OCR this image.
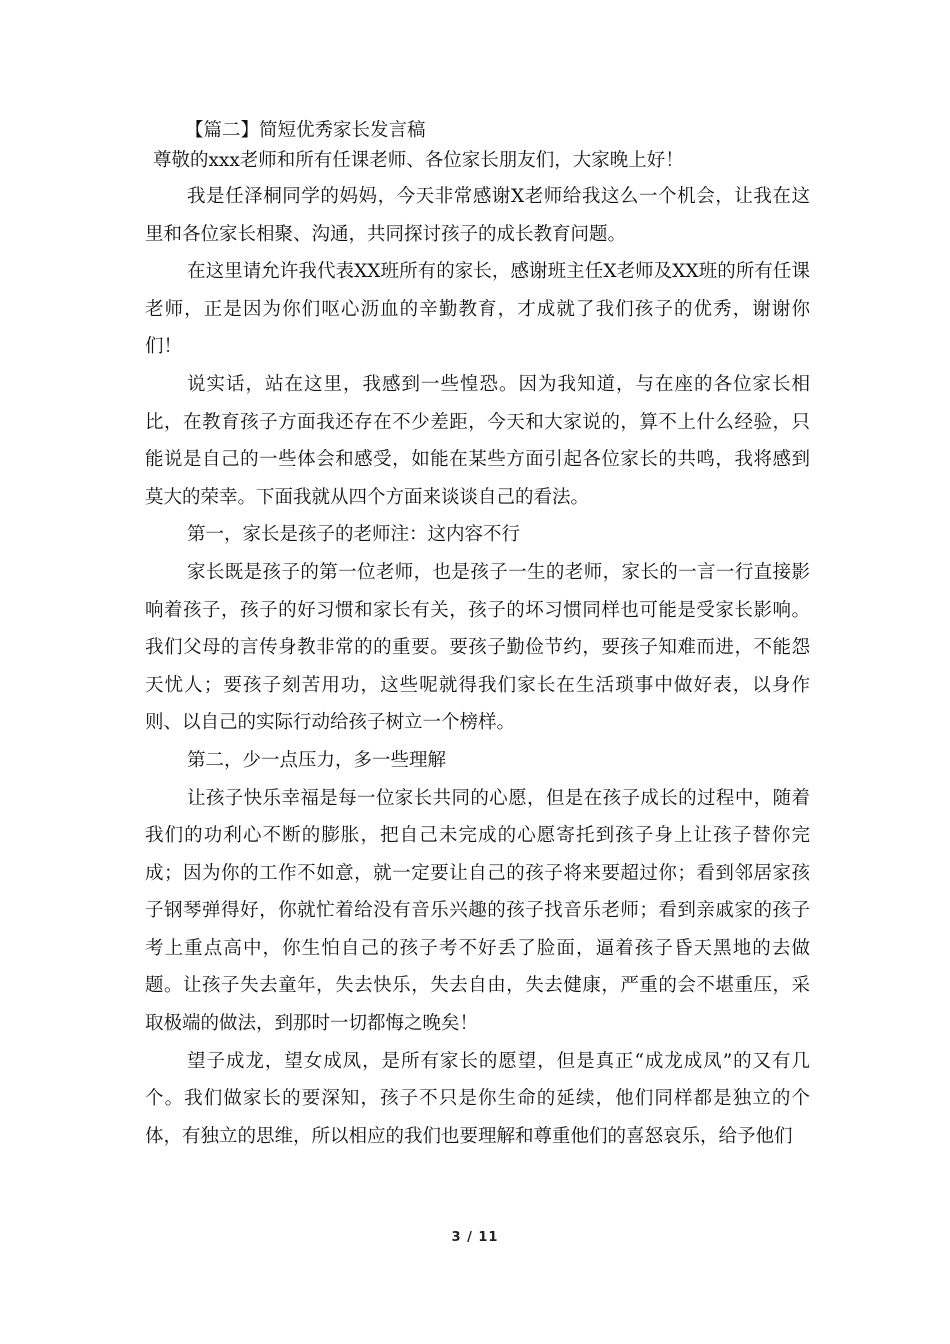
【篇二】简短优秀家长发言稿

尊敬的xxx老师和所有任课老师、各位家长朋友们，大家晚上好！

我是任泽桐同学的妈妈，今天非常感谢X老师给我这么一个机会，让我在这里和各位家长相聚、沟通，共同探讨孩子的成长教育问题。

在这里请允许我代表XX班所有的家长，感谢班主任X老师及XX班的所有任课老师，正是因为你们呕心沥血的辛勤教育，才成就了我们孩子的优秀，谢谢你们！

说实话，站在这里，我感到一些惶恐。因为我知道，与在座的各位家长相比，在教育孩子方面我还存在不少差距，今天和大家说的，算不上什么经验，只能说是自己的一些体会和感受，如能在某些方面引起各位家长的共鸣，我将感到莫大的荣幸。下面我就从四个方面来谈谈自己的看法。

第一，家长是孩子的老师注：这内容不行

家长既是孩子的第一位老师，也是孩子一生的老师，家长的一言一行直接影响着孩子，孩子的好习惯和家长有关，孩子的坏习惯同样也可能是受家长影响。我们父母的言传身教非常的的重要。要孩子勤俭节约，要孩子知难而进，不能怨天忧人；要孩子刻苦用功，这些呢就得我们家长在生活琐事中做好表，以身作则、以自己的实际行动给孩子树立一个榜样。

第二，少一点压力，多一些理解

让孩子快乐幸福是每一位家长共同的心愿，但是在孩子成长的过程中，随着我们的功利心不断的膨胀，把自己未完成的心愿寄托到孩子身上让孩子替你完成；因为你的工作不如意，就一定要让自己的孩子将来要超过你；看到邻居家孩子钢琴弹得好，你就忙着给没有音乐兴趣的孩子找音乐老师；看到亲戚家的孩子考上重点高中，你生怕自己的孩子考不好丢了脸面，逼着孩子昏天黑地的去做题。让孩子失去童年，失去快乐，失去自由，失去健康，严重的会不堪重压，采取极端的做法，到那时一切都悔之晚矣！

望子成龙，望女成凤，是所有家长的愿望，但是真正“成龙成凤”的又有几个。我们做家长的要深知，孩子不只是你生命的延续，他们同样都是独立的个体，有独立的思维，所以相应的我们也要理解和尊重他们的喜怒哀乐，给予他们

3 / 11
